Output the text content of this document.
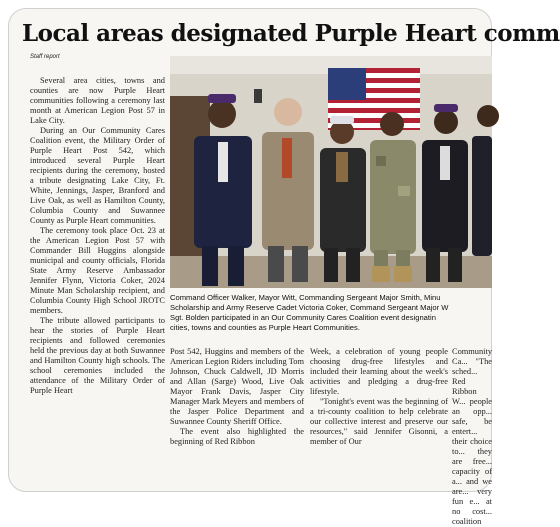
Local areas designated Purple Heart comm
Staff report

Several area cities, towns and counties are now Purple Heart communities following a ceremony last month at American Legion Post 57 in Lake City.

During an Our Community Cares Coalition event, the Military Order of Purple Heart Post 542, which introduced several Purple Heart recipients during the ceremony, hosted a tribute designating Lake City, Ft. White, Jennings, Jasper, Branford and Live Oak, as well as Hamilton County, Columbia County and Suwannee County as Purple Heart communities.

The ceremony took place Oct. 23 at the American Legion Post 57 with Commander Bill Huggins alongside municipal and county officials, Florida State Army Reserve Ambassador Jennifer Flynn, Victoria Coker, 2024 Minute Man Scholarship recipient, and Columbia County High School JROTC members.

The tribute allowed participants to hear the stories of Purple Heart recipients and followed ceremonies held the previous day at both Suwannee and Hamilton County high schools. The school ceremonies included the attendance of the Military Order of Purple Heart

Command Officer Walker, Mayor Witt, Commanding Sergeant Major Smith, Minu
Scholarship and Army Reserve Cadet Victoria Coker, Command Sergeant Major W
Sgt. Bolden participated in an Our Community Cares Coalition event designatin
cities, towns and counties as Purple Heart Communities.

Post 542, Huggins and members of the American Legion Riders including Tom Johnson, Chuck Caldwell, JD Morris and Allan (Sarge) Wood, Live Oak Mayor Frank Davis, Jasper City Manager Mark Meyers and members of the Jasper Police Department and Suwannee County Sheriff Office.

The event also highlighted the beginning of Red Ribbon

Week, a celebration of young people choosing drug-free lifestyles and included their learning about the week's activities and pledging a drug-free lifestyle.

"Tonight's event was the beginning of a tri-county coalition to help celebrate our collective interest and preserve our resources," said Jennifer Gisonni, a member of Our

Community Ca... "The sched... Red Ribbon W... people an opp... safe, be entert... their choice to... they are free... capacity of a... and we are... very fun e... at no cost... coalition
